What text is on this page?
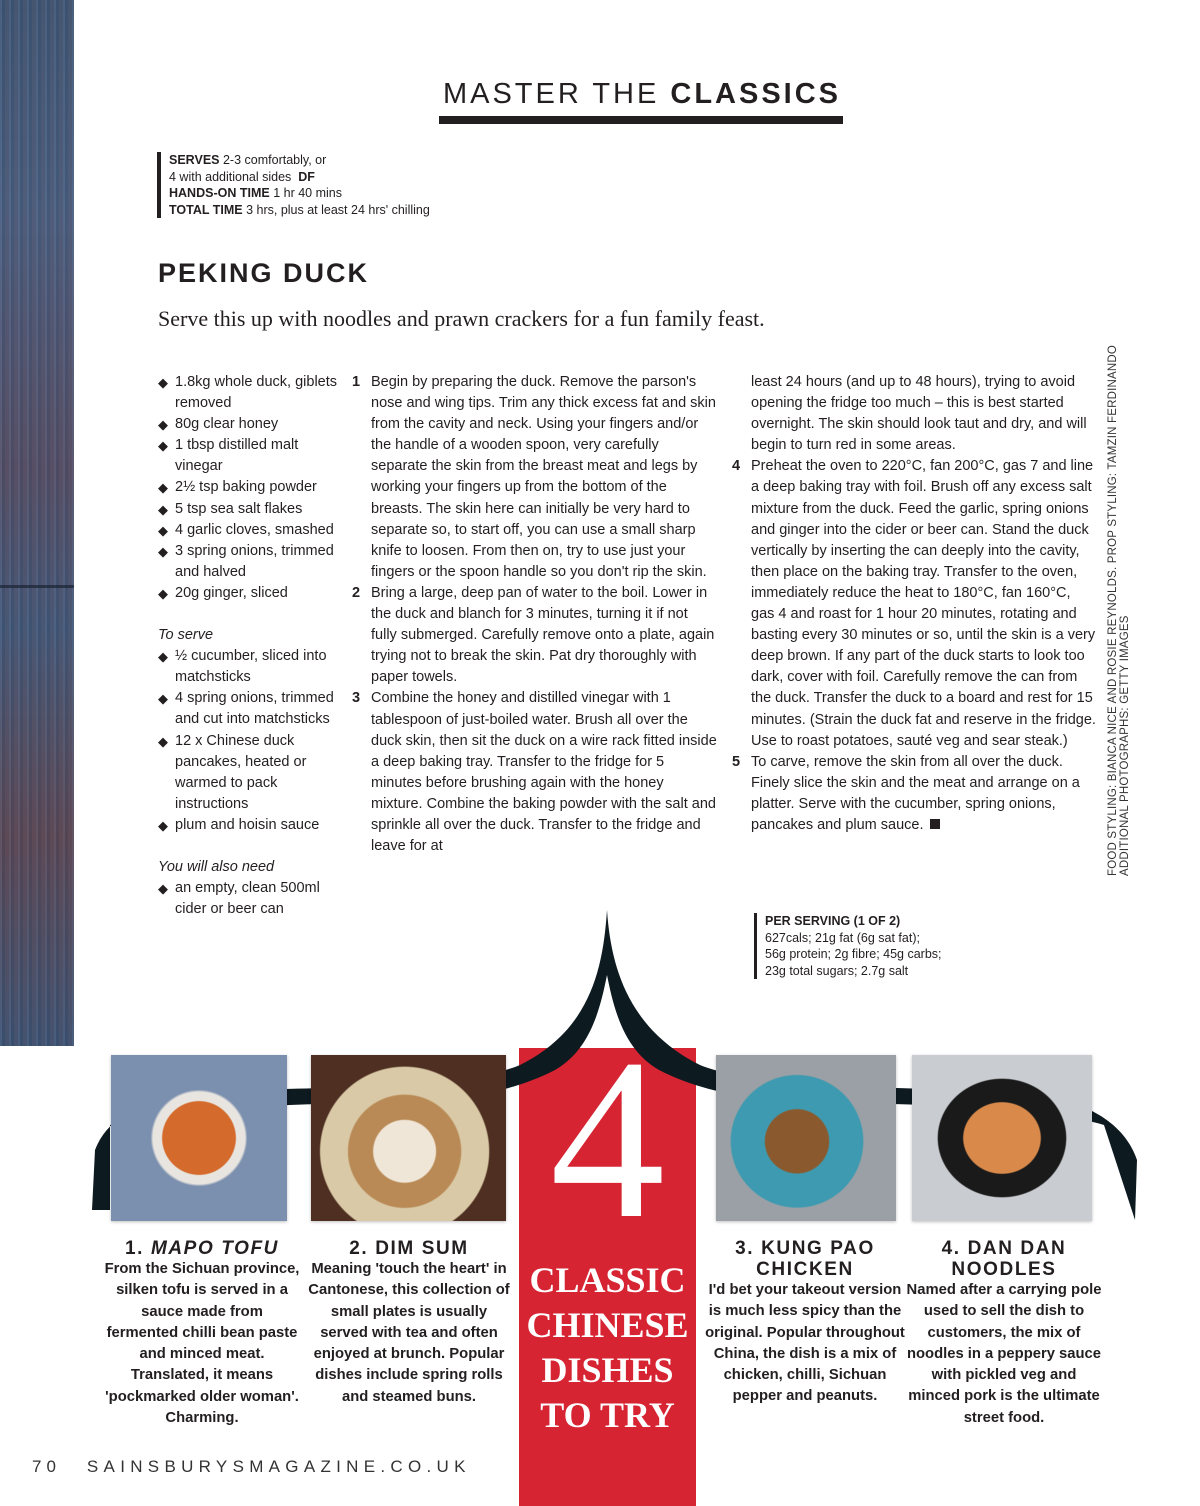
MASTER THE CLASSICS
SERVES 2-3 comfortably, or
4 with additional sides DF
HANDS-ON TIME 1 hr 40 mins
TOTAL TIME 3 hrs, plus at least 24 hrs' chilling
PEKING DUCK
Serve this up with noodles and prawn crackers for a fun family feast.
◆ 1.8kg whole duck, giblets removed
◆ 80g clear honey
◆ 1 tbsp distilled malt vinegar
◆ 2½ tsp baking powder
◆ 5 tsp sea salt flakes
◆ 4 garlic cloves, smashed
◆ 3 spring onions, trimmed and halved
◆ 20g ginger, sliced
To serve
◆ ½ cucumber, sliced into matchsticks
◆ 4 spring onions, trimmed and cut into matchsticks
◆ 12 x Chinese duck pancakes, heated or warmed to pack instructions
◆ plum and hoisin sauce
You will also need
◆ an empty, clean 500ml cider or beer can
1 Begin by preparing the duck. Remove the parson's nose and wing tips. Trim any thick excess fat and skin from the cavity and neck. Using your fingers and/or the handle of a wooden spoon, very carefully separate the skin from the breast meat and legs by working your fingers up from the bottom of the breasts. The skin here can initially be very hard to separate so, to start off, you can use a small sharp knife to loosen. From then on, try to use just your fingers or the spoon handle so you don't rip the skin.
2 Bring a large, deep pan of water to the boil. Lower in the duck and blanch for 3 minutes, turning it if not fully submerged. Carefully remove onto a plate, again trying not to break the skin. Pat dry thoroughly with paper towels.
3 Combine the honey and distilled vinegar with 1 tablespoon of just-boiled water. Brush all over the duck skin, then sit the duck on a wire rack fitted inside a deep baking tray. Transfer to the fridge for 5 minutes before brushing again with the honey mixture. Combine the baking powder with the salt and sprinkle all over the duck. Transfer to the fridge and leave for at
least 24 hours (and up to 48 hours), trying to avoid opening the fridge too much – this is best started overnight. The skin should look taut and dry, and will begin to turn red in some areas.
4 Preheat the oven to 220°C, fan 200°C, gas 7 and line a deep baking tray with foil. Brush off any excess salt mixture from the duck. Feed the garlic, spring onions and ginger into the cider or beer can. Stand the duck vertically by inserting the can deeply into the cavity, then place on the baking tray. Transfer to the oven, immediately reduce the heat to 180°C, fan 160°C, gas 4 and roast for 1 hour 20 minutes, rotating and basting every 30 minutes or so, until the skin is a very deep brown. If any part of the duck starts to look too dark, cover with foil. Carefully remove the can from the duck. Transfer the duck to a board and rest for 15 minutes. (Strain the duck fat and reserve in the fridge. Use to roast potatoes, sauté veg and sear steak.)
5 To carve, remove the skin from all over the duck. Finely slice the skin and the meat and arrange on a platter. Serve with the cucumber, spring onions, pancakes and plum sauce.
PER SERVING (1 OF 2)
627cals; 21g fat (6g sat fat);
56g protein; 2g fibre; 45g carbs;
23g total sugars; 2.7g salt
FOOD STYLING: BIANCA NICE AND ROSIE REYNOLDS. PROP STYLING: TAMZIN FERDINANDO ADDITIONAL PHOTOGRAPHS: GETTY IMAGES
4
CLASSIC
CHINESE
DISHES
TO TRY
1. MAPO TOFU
From the Sichuan province, silken tofu is served in a sauce made from fermented chilli bean paste and minced meat. Translated, it means 'pockmarked older woman'. Charming.
2. DIM SUM
Meaning 'touch the heart' in Cantonese, this collection of small plates is usually served with tea and often enjoyed at brunch. Popular dishes include spring rolls and steamed buns.
3. KUNG PAO CHICKEN
I'd bet your takeout version is much less spicy than the original. Popular throughout China, the dish is a mix of chicken, chilli, Sichuan pepper and peanuts.
4. DAN DAN NOODLES
Named after a carrying pole used to sell the dish to customers, the mix of noodles in a peppery sauce with pickled veg and minced pork is the ultimate street food.
70 SAINSBURYSMAGAZINE.CO.UK
